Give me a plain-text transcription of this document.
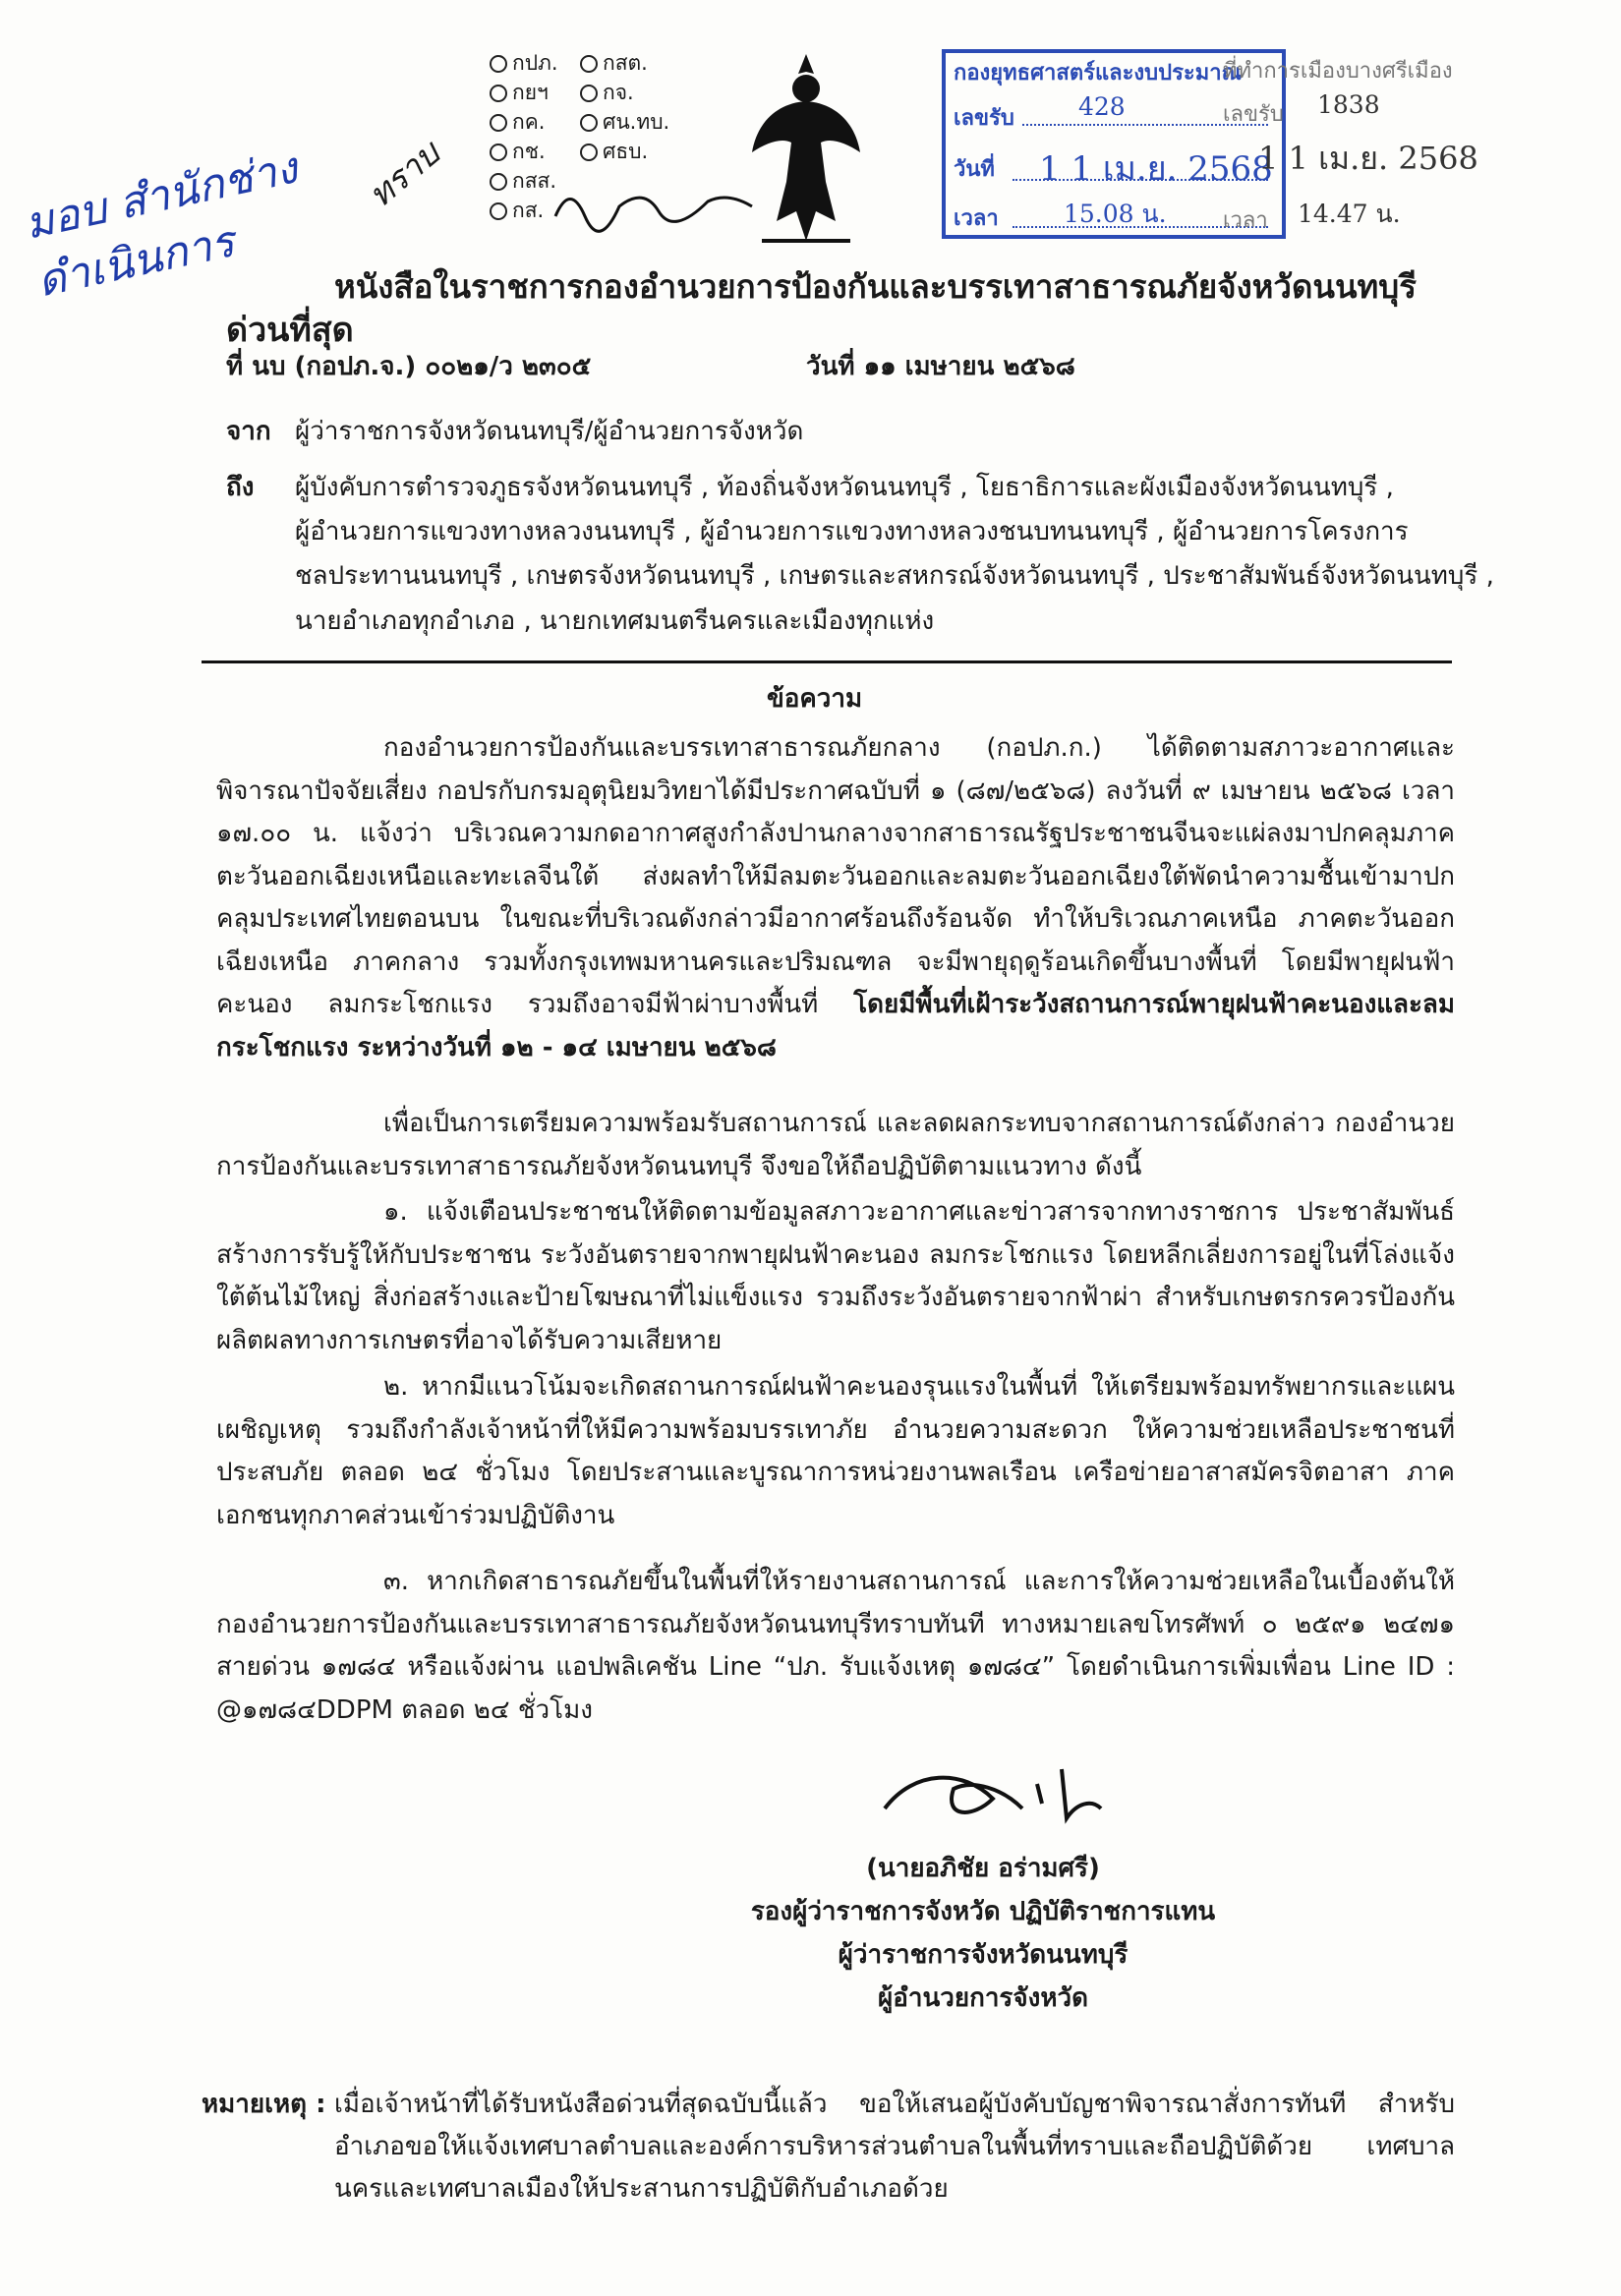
มอบ สำนักช่าง ดำเนินการ
ทราบ
กปภ.
กยฯ
กค.
กช.
กสส.
กส.
กสต.
กจ.
ศน.ทบ.
ศธบ.
กองยุทธศาสตร์และงบประมาณ
เลขรับ	428
วันที่ 1 1 เม.ย. 2568
เวลา	15.08 น.
ที่ทำการเมืองบางศรีเมือง
เลขรับ 1838
1 1 เม.ย. 2568
เวลา 14.47 น.
หนังสือในราชการกองอำนวยการป้องกันและบรรเทาสาธารณภัยจังหวัดนนทบุรี
ด่วนที่สุด
ที่ นบ (กอปภ.จ.) ๐๐๒๑/ว ๒๓๐๕	วันที่ ๑๑ เมษายน ๒๕๖๘
จาก ผู้ว่าราชการจังหวัดนนทบุรี/ผู้อำนวยการจังหวัด
ถึง ผู้บังคับการตำรวจภูธรจังหวัดนนทบุรี , ท้องถิ่นจังหวัดนนทบุรี , โยธาธิการและผังเมืองจังหวัดนนทบุรี ,
ผู้อำนวยการแขวงทางหลวงนนทบุรี , ผู้อำนวยการแขวงทางหลวงชนบทนนทบุรี , ผู้อำนวยการโครงการ
ชลประทานนนทบุรี , เกษตรจังหวัดนนทบุรี , เกษตรและสหกรณ์จังหวัดนนทบุรี , ประชาสัมพันธ์จังหวัดนนทบุรี ,
นายอำเภอทุกอำเภอ , นายกเทศมนตรีนครและเมืองทุกแห่ง
ข้อความ
กองอำนวยการป้องกันและบรรเทาสาธารณภัยกลาง (กอปภ.ก.) ได้ติดตามสภาวะอากาศและพิจารณาปัจจัยเสี่ยง กอปรกับกรมอุตุนิยมวิทยาได้มีประกาศฉบับที่ ๑ (๘๗/๒๕๖๘) ลงวันที่ ๙ เมษายน ๒๕๖๘ เวลา ๑๗.๐๐ น. แจ้งว่า บริเวณความกดอากาศสูงกำลังปานกลางจากสาธารณรัฐประชาชนจีนจะแผ่ลงมาปกคลุมภาคตะวันออกเฉียงเหนือและทะเลจีนใต้ ส่งผลทำให้มีลมตะวันออกและลมตะวันออกเฉียงใต้พัดนำความชื้นเข้ามาปกคลุมประเทศไทยตอนบน ในขณะที่บริเวณดังกล่าวมีอากาศร้อนถึงร้อนจัด ทำให้บริเวณภาคเหนือ ภาคตะวันออกเฉียงเหนือ ภาคกลาง รวมทั้งกรุงเทพมหานครและปริมณฑล จะมีพายุฤดูร้อนเกิดขึ้นบางพื้นที่ โดยมีพายุฝนฟ้าคะนอง ลมกระโชกแรง รวมถึงอาจมีฟ้าผ่าบางพื้นที่ โดยมีพื้นที่เฝ้าระวังสถานการณ์พายุฝนฟ้าคะนองและลมกระโชกแรง ระหว่างวันที่ ๑๒ - ๑๔ เมษายน ๒๕๖๘
เพื่อเป็นการเตรียมความพร้อมรับสถานการณ์ และลดผลกระทบจากสถานการณ์ดังกล่าว กองอำนวยการป้องกันและบรรเทาสาธารณภัยจังหวัดนนทบุรี จึงขอให้ถือปฏิบัติตามแนวทาง ดังนี้
๑. แจ้งเตือนประชาชนให้ติดตามข้อมูลสภาวะอากาศและข่าวสารจากทางราชการ ประชาสัมพันธ์สร้างการรับรู้ให้กับประชาชน ระวังอันตรายจากพายุฝนฟ้าคะนอง ลมกระโชกแรง โดยหลีกเลี่ยงการอยู่ในที่โล่งแจ้ง ใต้ต้นไม้ใหญ่ สิ่งก่อสร้างและป้ายโฆษณาที่ไม่แข็งแรง รวมถึงระวังอันตรายจากฟ้าผ่า สำหรับเกษตรกรควรป้องกันผลิตผลทางการเกษตรที่อาจได้รับความเสียหาย
๒. หากมีแนวโน้มจะเกิดสถานการณ์ฝนฟ้าคะนองรุนแรงในพื้นที่ ให้เตรียมพร้อมทรัพยากรและแผนเผชิญเหตุ รวมถึงกำลังเจ้าหน้าที่ให้มีความพร้อมบรรเทาภัย อำนวยความสะดวก ให้ความช่วยเหลือประชาชนที่ประสบภัย ตลอด ๒๔ ชั่วโมง โดยประสานและบูรณาการหน่วยงานพลเรือน เครือข่ายอาสาสมัครจิตอาสา ภาคเอกชนทุกภาคส่วนเข้าร่วมปฏิบัติงาน
๓. หากเกิดสาธารณภัยขึ้นในพื้นที่ให้รายงานสถานการณ์ และการให้ความช่วยเหลือในเบื้องต้นให้กองอำนวยการป้องกันและบรรเทาสาธารณภัยจังหวัดนนทบุรีทราบทันที ทางหมายเลขโทรศัพท์ ๐ ๒๕๙๑ ๒๔๗๑ สายด่วน ๑๗๘๔ หรือแจ้งผ่าน แอปพลิเคชัน Line “ปภ. รับแจ้งเหตุ ๑๗๘๔” โดยดำเนินการเพิ่มเพื่อน Line ID : @๑๗๘๔DDPM ตลอด ๒๔ ชั่วโมง
(นายอภิชัย อร่ามศรี)
รองผู้ว่าราชการจังหวัด ปฏิบัติราชการแทน
ผู้ว่าราชการจังหวัดนนทบุรี
ผู้อำนวยการจังหวัด
หมายเหตุ : เมื่อเจ้าหน้าที่ได้รับหนังสือด่วนที่สุดฉบับนี้แล้ว ขอให้เสนอผู้บังคับบัญชาพิจารณาสั่งการทันที สำหรับอำเภอขอให้แจ้งเทศบาลตำบลและองค์การบริหารส่วนตำบลในพื้นที่ทราบและถือปฏิบัติด้วย เทศบาลนครและเทศบาลเมืองให้ประสานการปฏิบัติกับอำเภอด้วย
